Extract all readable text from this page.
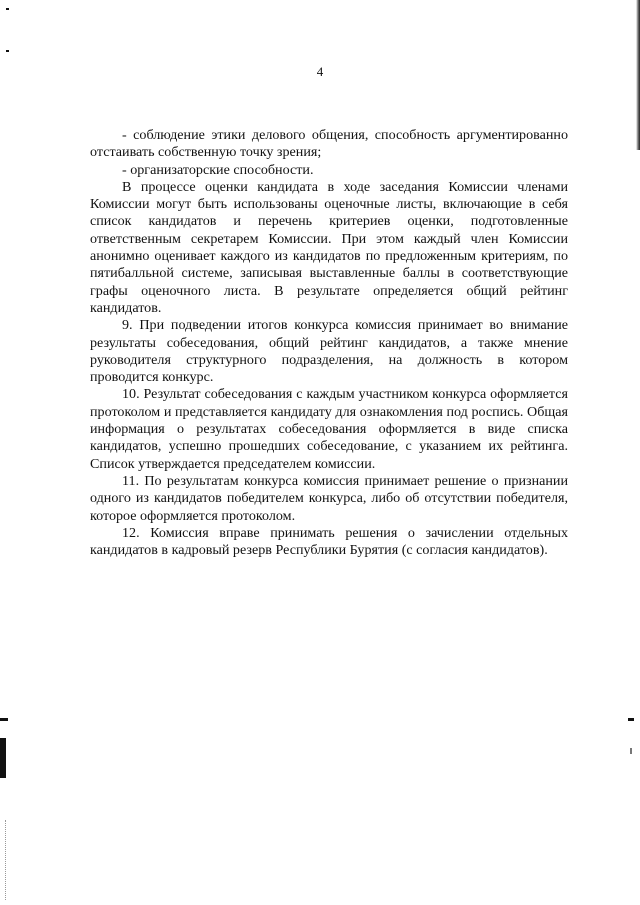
4

- соблюдение этики делового общения, способность аргументированно отстаивать собственную точку зрения;

- организаторские способности.

В процессе оценки кандидата в ходе заседания Комиссии членами Комиссии могут быть использованы оценочные листы, включающие в себя список кандидатов и перечень критериев оценки, подготовленные ответственным секретарем Комиссии. При этом каждый член Комиссии анонимно оценивает каждого из кандидатов по предложенным критериям, по пятибалльной системе, записывая выставленные баллы в соответствующие графы оценочного листа. В результате определяется общий рейтинг кандидатов.

9. При подведении итогов конкурса комиссия принимает во внимание результаты собеседования, общий рейтинг кандидатов, а также мнение руководителя структурного подразделения, на должность в котором проводится конкурс.

10. Результат собеседования с каждым участником конкурса оформляется протоколом и представляется кандидату для ознакомления под роспись. Общая информация о результатах собеседования оформляется в виде списка кандидатов, успешно прошедших собеседование, с указанием их рейтинга. Список утверждается председателем комиссии.

11. По результатам конкурса комиссия принимает решение о признании одного из кандидатов победителем конкурса, либо об отсутствии победителя, которое оформляется протоколом.

12. Комиссия вправе принимать решения о зачислении отдельных кандидатов в кадровый резерв Республики Бурятия (с согласия кандидатов).
